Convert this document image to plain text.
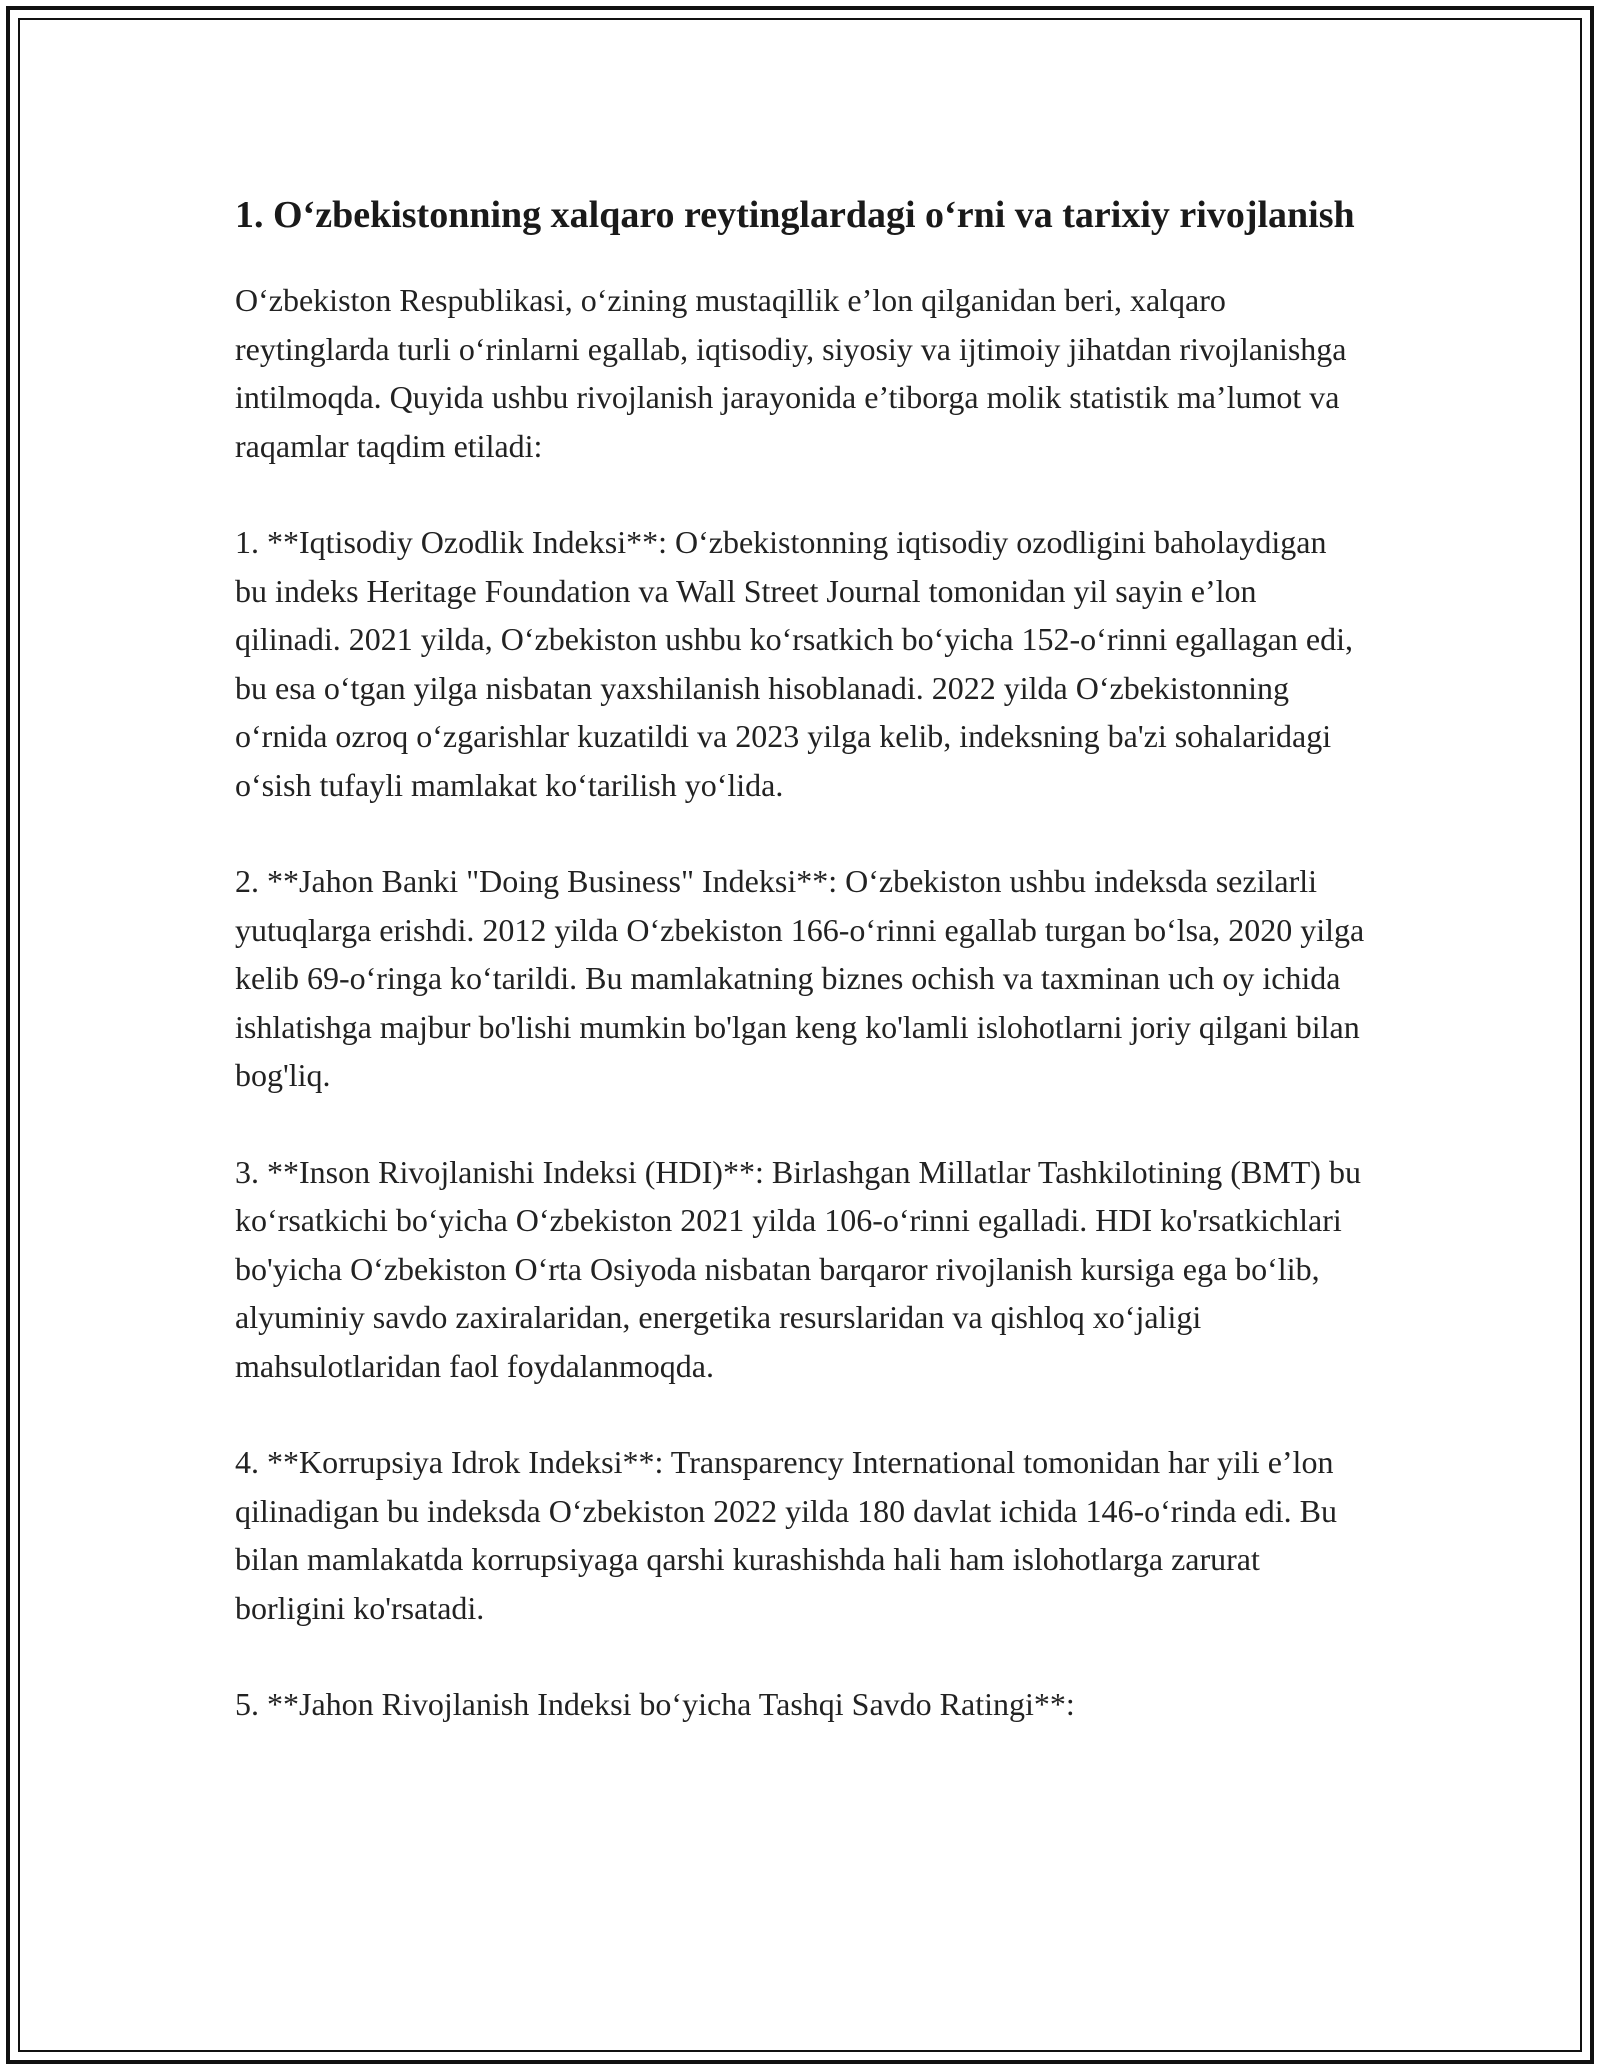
1. O‘zbekistonning xalqaro reytinglardagi o‘rni va tarixiy rivojlanish

O‘zbekiston Respublikasi, o‘zining mustaqillik e’lon qilganidan beri, xalqaro reytinglarda turli o‘rinlarni egallab, iqtisodiy, siyosiy va ijtimoiy jihatdan rivojlanishga intilmoqda. Quyida ushbu rivojlanish jarayonida e’tiborga molik statistik ma’lumot va raqamlar taqdim etiladi:

1. **Iqtisodiy Ozodlik Indeksi**: O‘zbekistonning iqtisodiy ozodligini baholaydigan bu indeks Heritage Foundation va Wall Street Journal tomonidan yil sayin e’lon qilinadi. 2021 yilda, O‘zbekiston ushbu ko‘rsatkich bo‘yicha 152-o‘rinni egallagan edi, bu esa o‘tgan yilga nisbatan yaxshilanish hisoblanadi. 2022 yilda O‘zbekistonning o‘rnida ozroq o‘zgarishlar kuzatildi va 2023 yilga kelib, indeksning ba'zi sohalaridagi o‘sish tufayli mamlakat ko‘tarilish yo‘lida.

2. **Jahon Banki "Doing Business" Indeksi**: O‘zbekiston ushbu indeksda sezilarli yutuqlarga erishdi. 2012 yilda O‘zbekiston 166-o‘rinni egallab turgan bo‘lsa, 2020 yilga kelib 69-o‘ringa ko‘tarildi. Bu mamlakatning biznes ochish va taxminan uch oy ichida ishlatishga majbur bo'lishi mumkin bo'lgan keng ko'lamli islohotlarni joriy qilgani bilan bog'liq.

3. **Inson Rivojlanishi Indeksi (HDI)**: Birlashgan Millatlar Tashkilotining (BMT) bu ko‘rsatkichi bo‘yicha O‘zbekiston 2021 yilda 106-o‘rinni egalladi. HDI ko'rsatkichlari bo'yicha O‘zbekiston O‘rta Osiyoda nisbatan barqaror rivojlanish kursiga ega bo‘lib, alyuminiy savdo zaxiralaridan, energetika resurslaridan va qishloq xo‘jaligi mahsulotlaridan faol foydalanmoqda.

4. **Korrupsiya Idrok Indeksi**: Transparency International tomonidan har yili e’lon qilinadigan bu indeksda O‘zbekiston 2022 yilda 180 davlat ichida 146-o‘rinda edi. Bu bilan mamlakatda korrupsiyaga qarshi kurashishda hali ham islohotlarga zarurat borligini ko'rsatadi.

5. **Jahon Rivojlanish Indeksi bo‘yicha Tashqi Savdo Ratingi**:
